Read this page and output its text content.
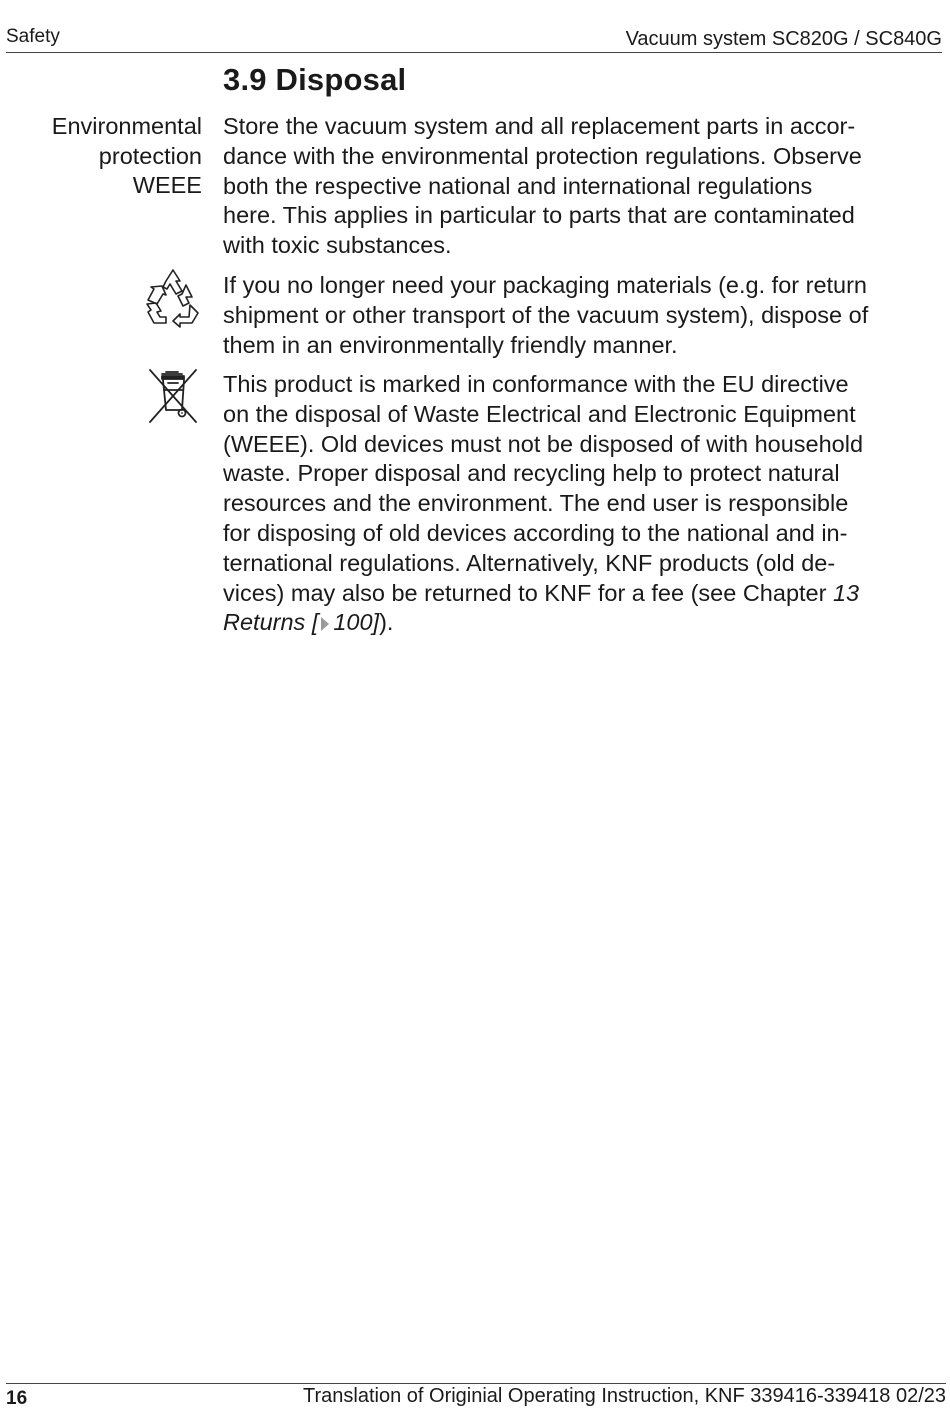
Safety	Vacuum system SC820G / SC840G
3.9 Disposal
Environmental
protection
WEEE

Store the vacuum system and all replacement parts in accor-
dance with the environmental protection regulations. Observe
both the respective national and international regulations
here. This applies in particular to parts that are contaminated
with toxic substances.

If you no longer need your packaging materials (e.g. for return
shipment or other transport of the vacuum system), dispose of
them in an environmentally friendly manner.

This product is marked in conformance with the EU directive
on the disposal of Waste Electrical and Electronic Equipment
(WEEE). Old devices must not be disposed of with household
waste. Proper disposal and recycling help to protect natural
resources and the environment. The end user is responsible
for disposing of old devices according to the national and in-
ternational regulations. Alternatively, KNF products (old de-
vices) may also be returned to KNF for a fee (see Chapter 13
Returns [ 100]).

16	Translation of Originial Operating Instruction, KNF 339416-339418 02/23
